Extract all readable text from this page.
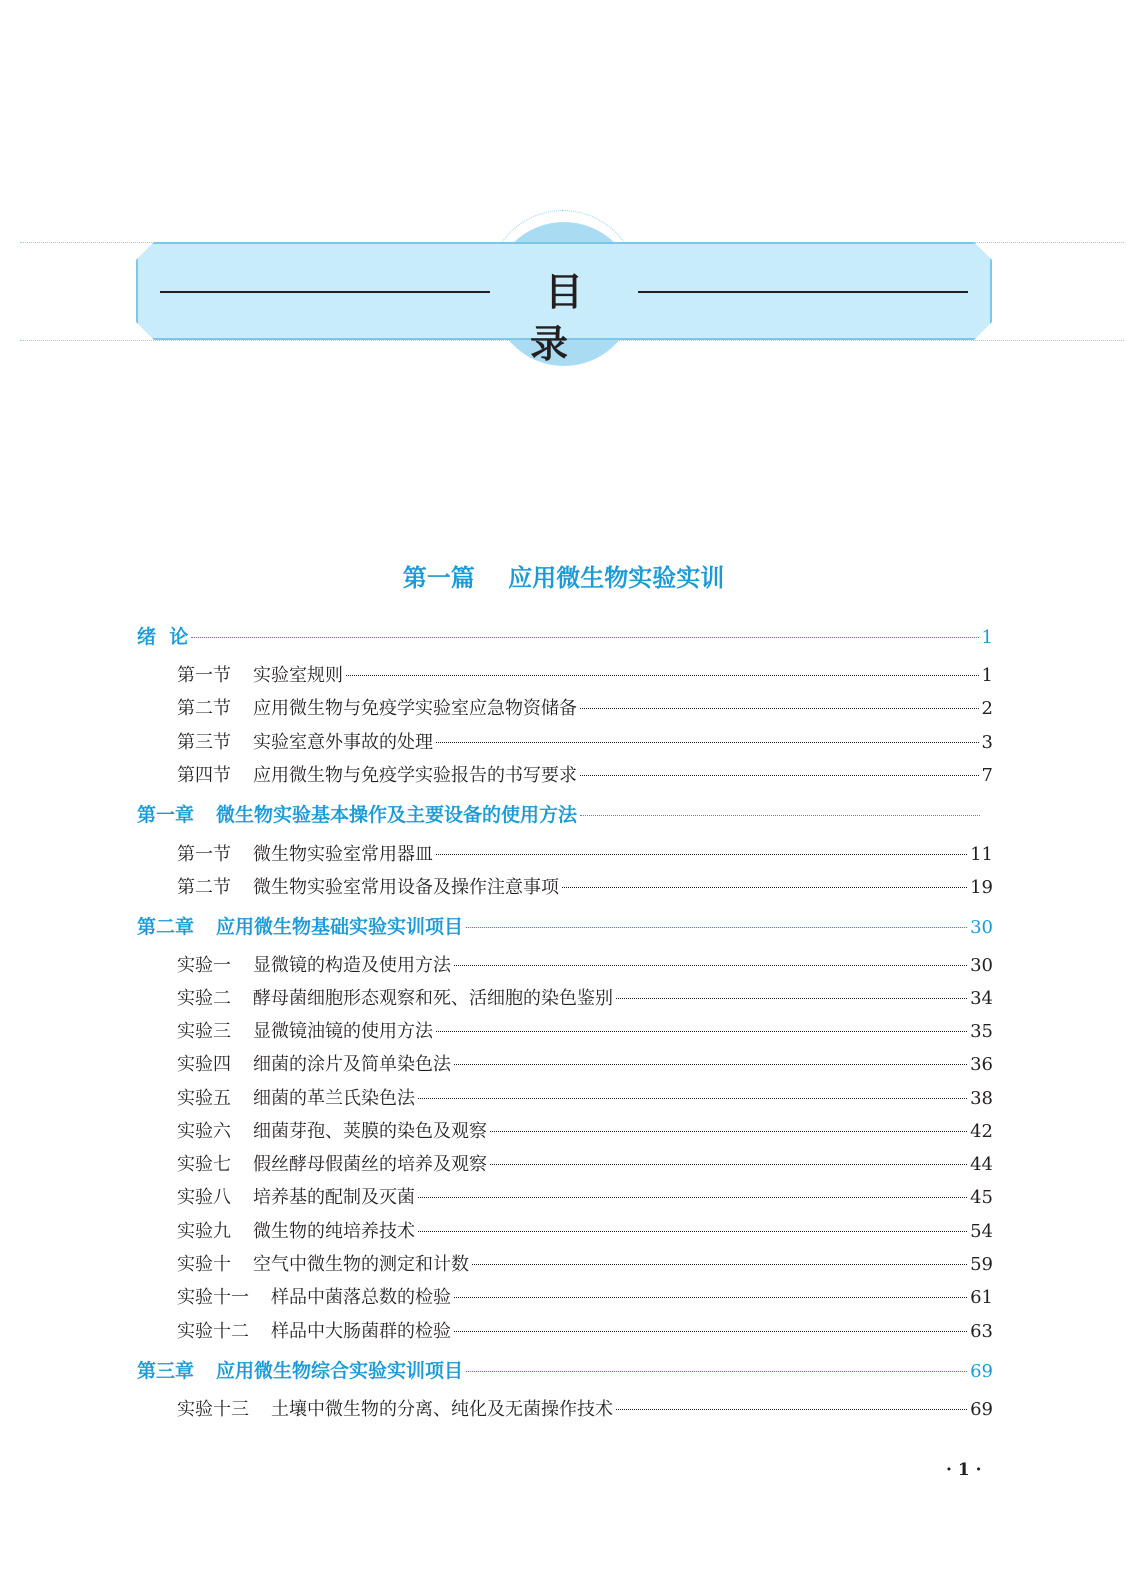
目 录
第一篇    应用微生物实验实训
绪  论	1
第一节 实验室规则	1
第二节 应用微生物与免疫学实验室应急物资储备	2
第三节 实验室意外事故的处理	3
第四节 应用微生物与免疫学实验报告的书写要求	7
第一章 微生物实验基本操作及主要设备的使用方法
第一节 微生物实验室常用器皿	11
第二节 微生物实验室常用设备及操作注意事项	19
第二章 应用微生物基础实验实训项目	30
实验一 显微镜的构造及使用方法	30
实验二 酵母菌细胞形态观察和死、活细胞的染色鉴别	34
实验三 显微镜油镜的使用方法	35
实验四 细菌的涂片及简单染色法	36
实验五 细菌的革兰氏染色法	38
实验六 细菌芽孢、荚膜的染色及观察	42
实验七 假丝酵母假菌丝的培养及观察	44
实验八 培养基的配制及灭菌	45
实验九 微生物的纯培养技术	54
实验十 空气中微生物的测定和计数	59
实验十一 样品中菌落总数的检验	61
实验十二 样品中大肠菌群的检验	63
第三章 应用微生物综合实验实训项目	69
实验十三 土壤中微生物的分离、纯化及无菌操作技术	69
· 1 ·
